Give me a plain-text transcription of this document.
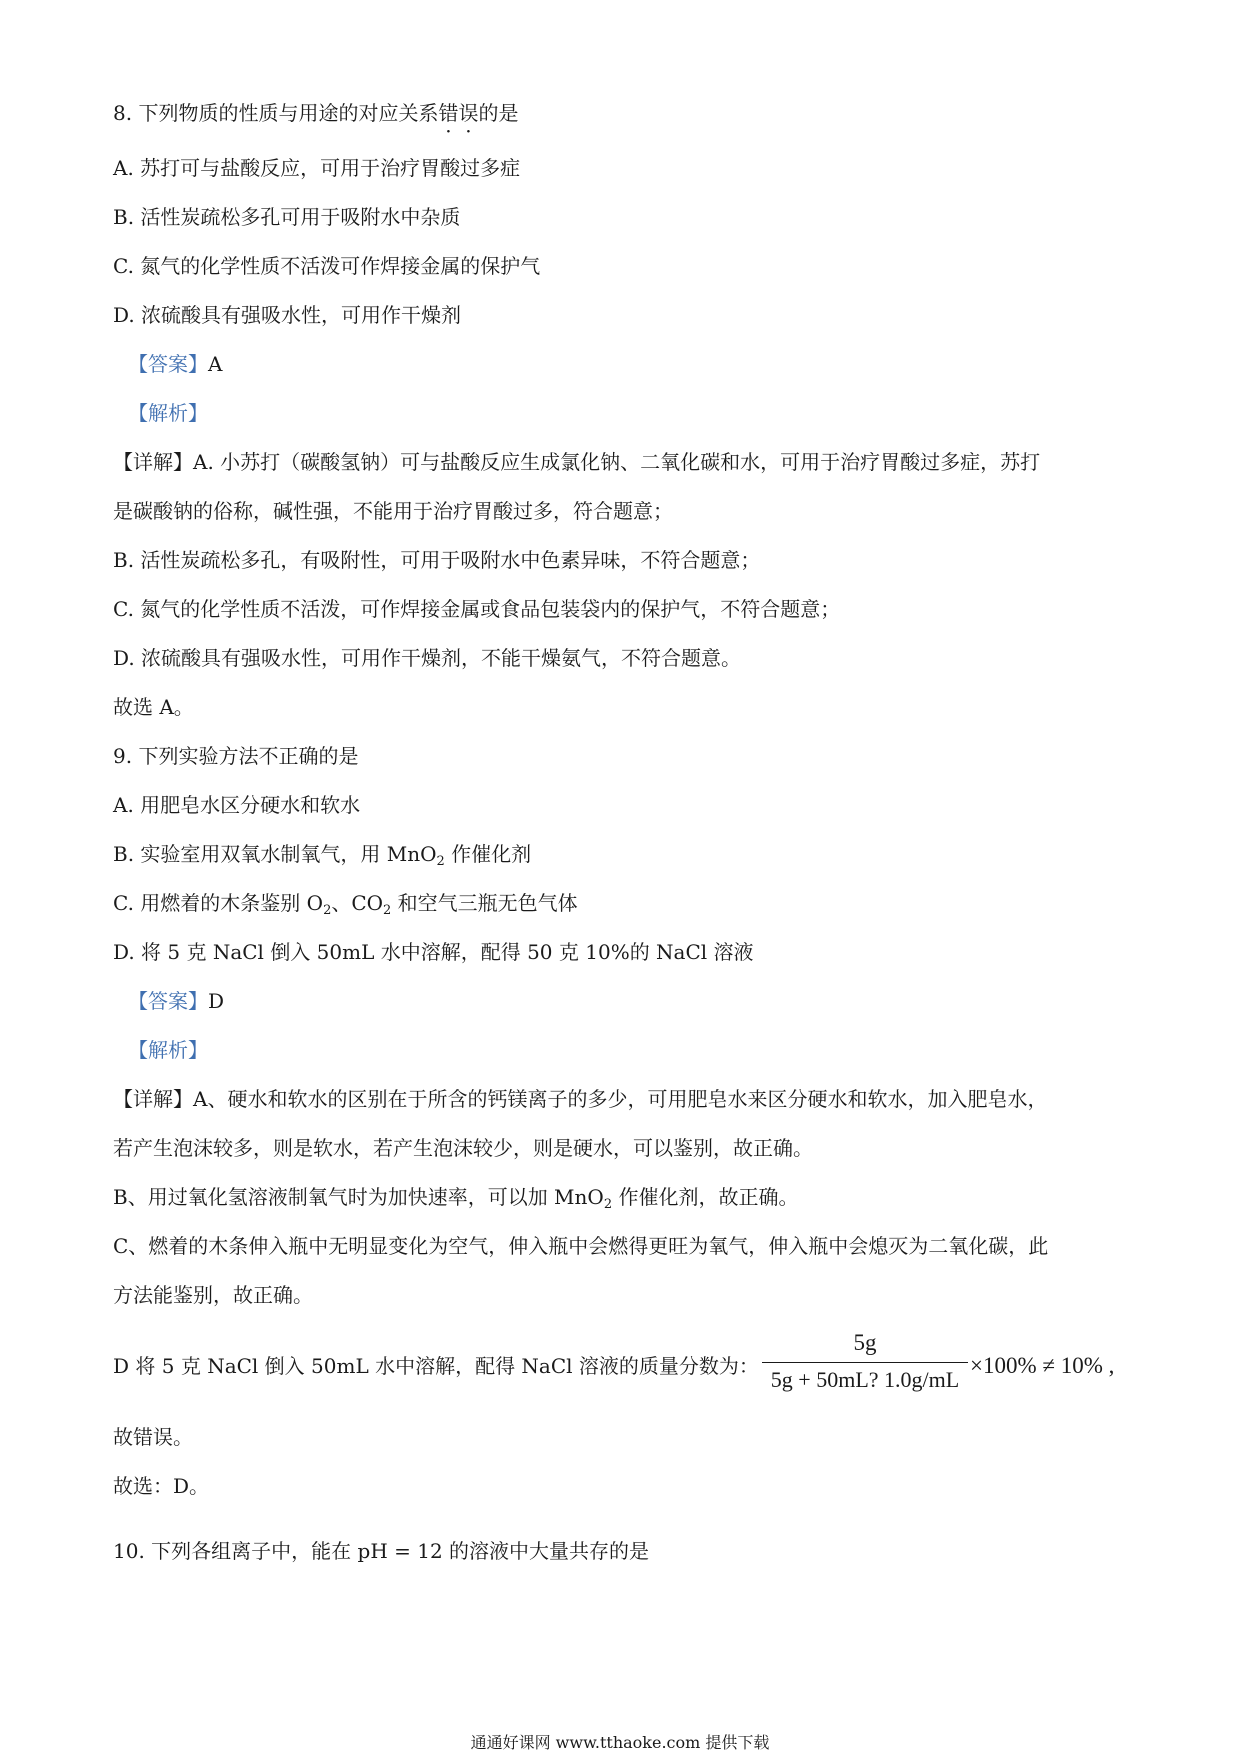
8. 下列物质的性质与用途的对应关系错误的是
A. 苏打可与盐酸反应，可用于治疗胃酸过多症
B. 活性炭疏松多孔可用于吸附水中杂质
C. 氮气的化学性质不活泼可作焊接金属的保护气
D. 浓硫酸具有强吸水性，可用作干燥剂
【答案】A
【解析】
【详解】A. 小苏打（碳酸氢钠）可与盐酸反应生成氯化钠、二氧化碳和水，可用于治疗胃酸过多症，苏打
是碳酸钠的俗称，碱性强，不能用于治疗胃酸过多，符合题意；
B. 活性炭疏松多孔，有吸附性，可用于吸附水中色素异味，不符合题意；
C. 氮气的化学性质不活泼，可作焊接金属或食品包装袋内的保护气，不符合题意；
D. 浓硫酸具有强吸水性，可用作干燥剂，不能干燥氨气，不符合题意。
故选 A。
9. 下列实验方法不正确的是
A. 用肥皂水区分硬水和软水
B. 实验室用双氧水制氧气，用 MnO$_2$ 作催化剂
C. 用燃着的木条鉴别 $O_2$、$CO_2$ 和空气三瓶无色气体
D. 将 5 克 NaCl 倒入 50mL 水中溶解，配得 50 克 10%的 NaCl 溶液
【答案】D
【解析】
【详解】A、硬水和软水的区别在于所含的钙镁离子的多少，可用肥皂水来区分硬水和软水，加入肥皂水，
若产生泡沫较多，则是软水，若产生泡沫较少，则是硬水，可以鉴别，故正确。
B、用过氧化氢溶液制氧气时为加快速率，可以加 MnO$_2$ 作催化剂，故正确。
C、燃着的木条伸入瓶中无明显变化为空气，伸入瓶中会燃得更旺为氧气，伸入瓶中会熄灭为二氧化碳，此
方法能鉴别，故正确。
D 将 5 克 NaCl 倒入 50mL 水中溶解，配得 NaCl 溶液的质量分数为：
5g
5g + 50mL? 1.0g/mL
×100% ≠ 10% ,
故错误。
故选：D。
10. 下列各组离子中，能在 pH = 12 的溶液中大量共存的是
通通好课网 www.tthaoke.com 提供下载
